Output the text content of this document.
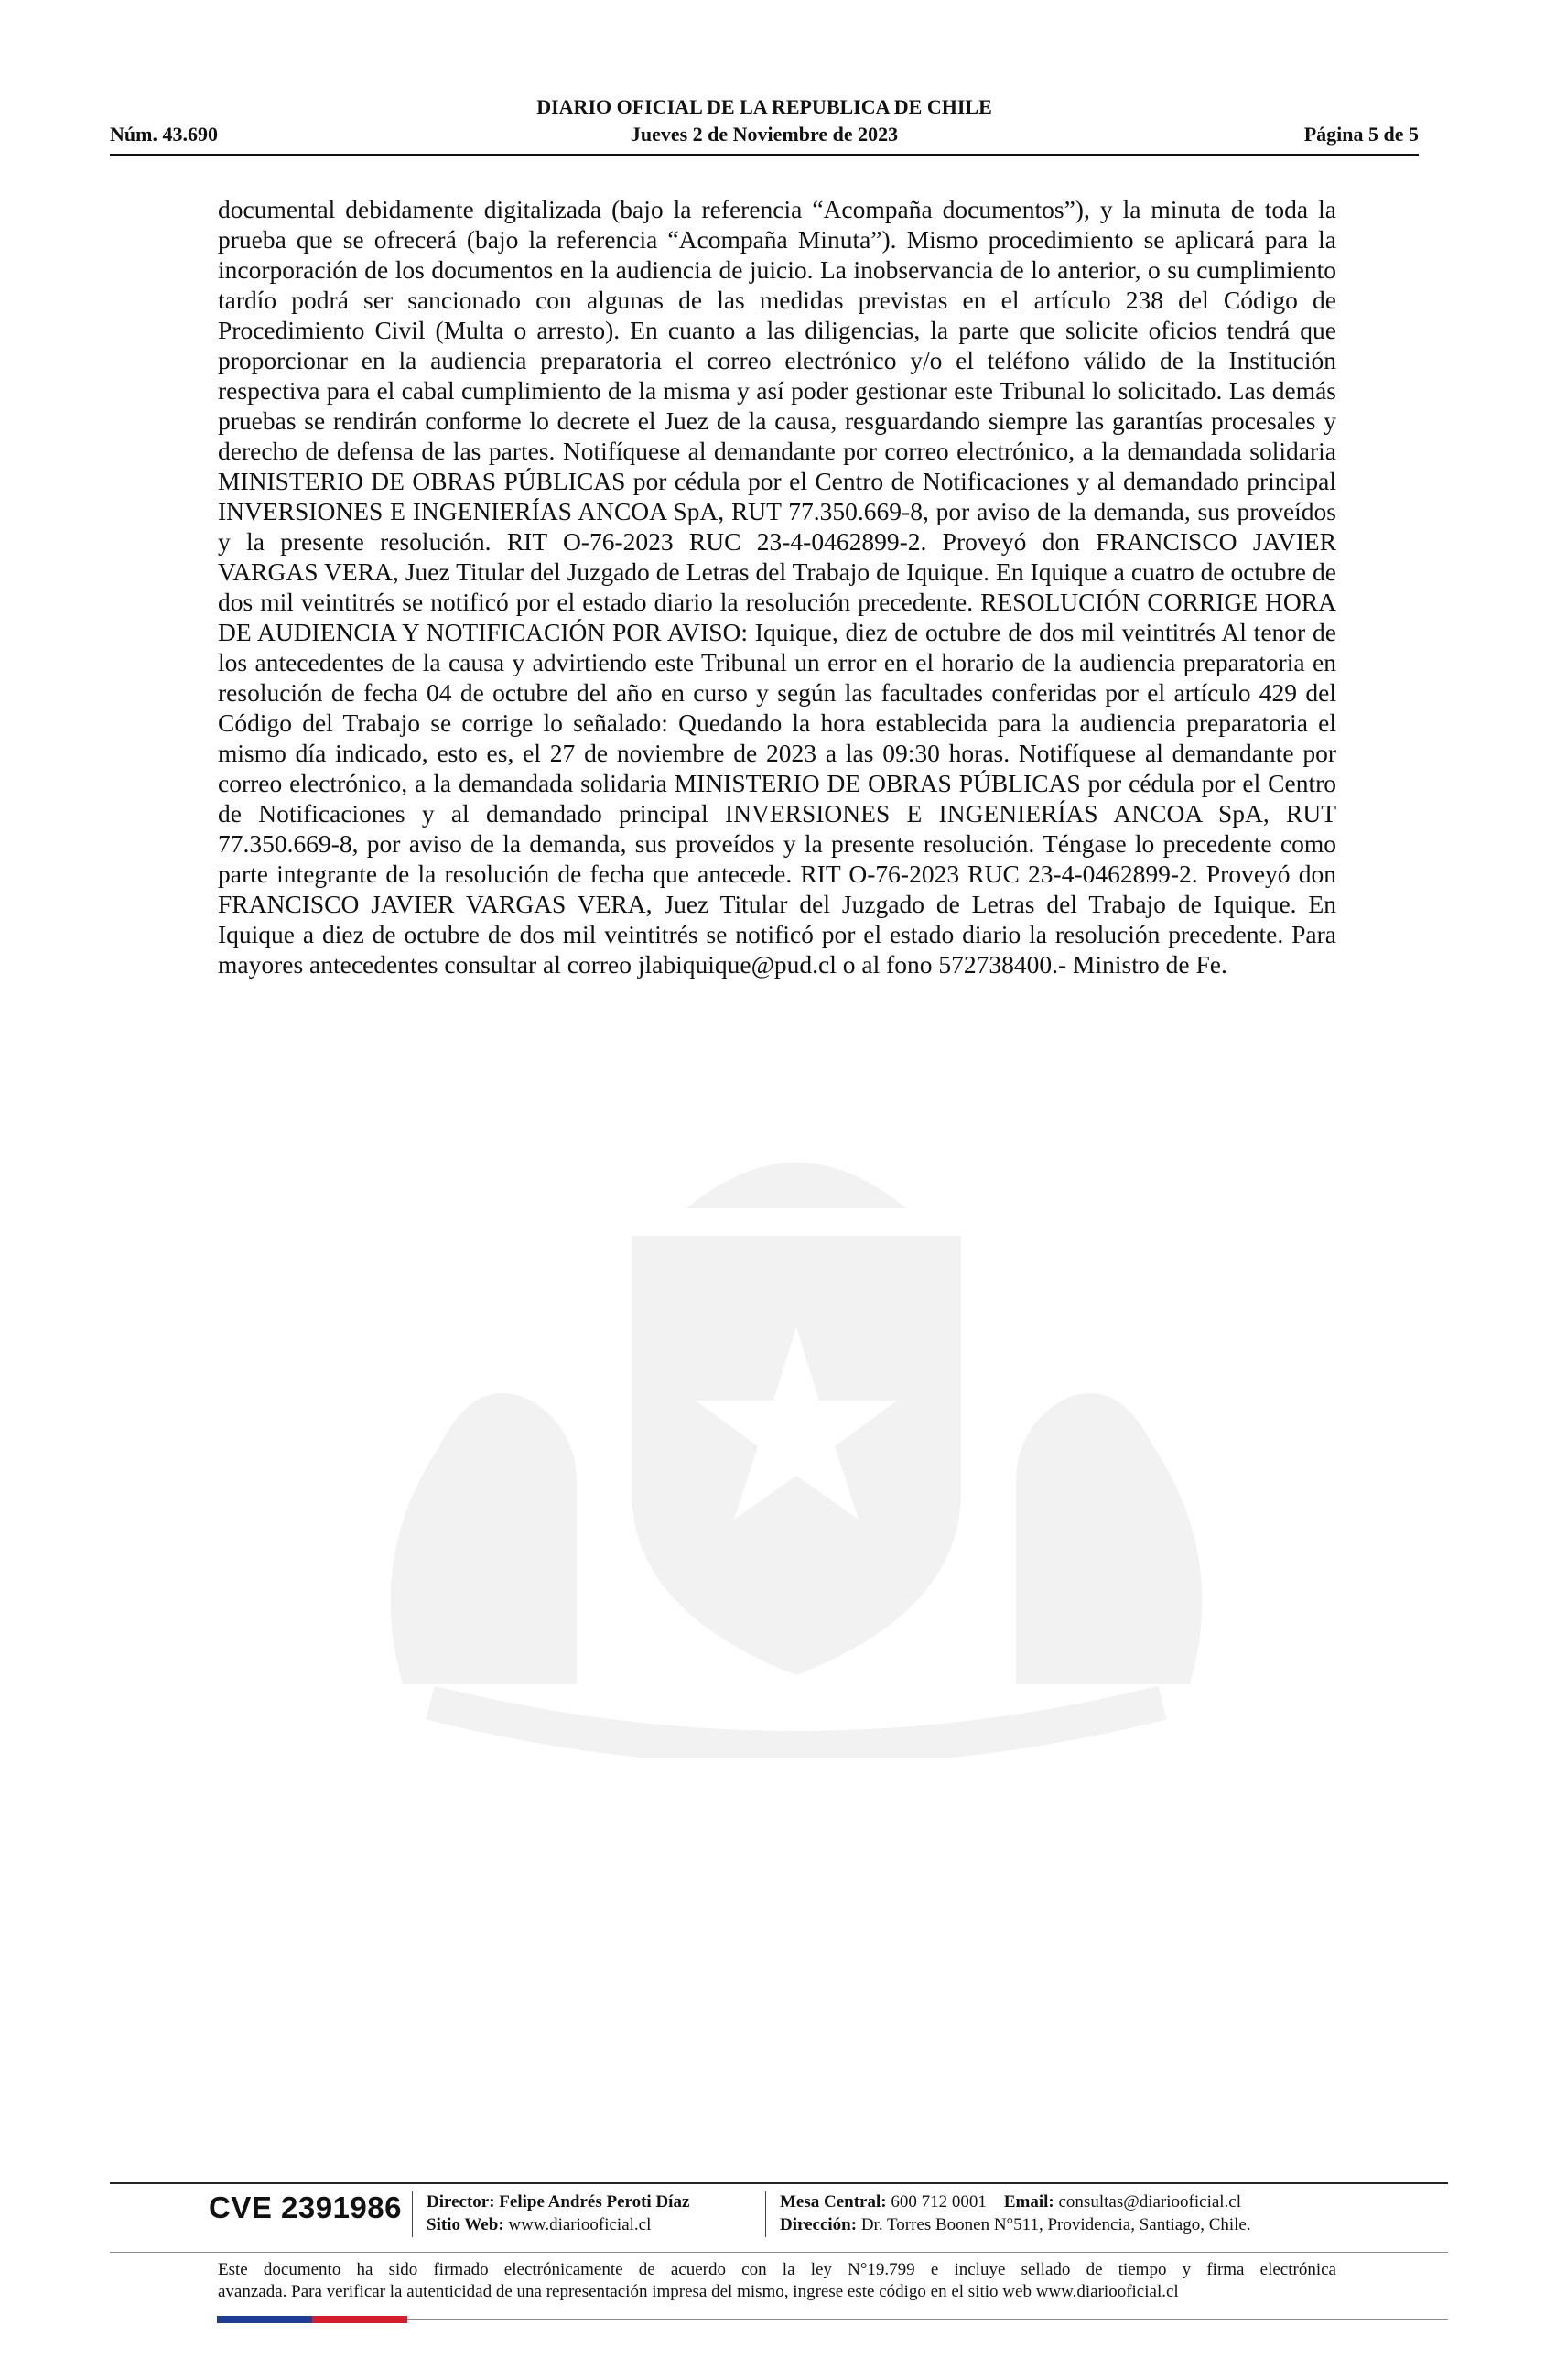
DIARIO OFICIAL DE LA REPUBLICA DE CHILE
Núm. 43.690	Jueves 2 de Noviembre de 2023	Página 5 de 5
documental debidamente digitalizada (bajo la referencia “Acompaña documentos”), y la minuta de toda la prueba que se ofrecerá (bajo la referencia “Acompaña Minuta”). Mismo procedimiento se aplicará para la incorporación de los documentos en la audiencia de juicio. La inobservancia de lo anterior, o su cumplimiento tardío podrá ser sancionado con algunas de las medidas previstas en el artículo 238 del Código de Procedimiento Civil (Multa o arresto). En cuanto a las diligencias, la parte que solicite oficios tendrá que proporcionar en la audiencia preparatoria el correo electrónico y/o el teléfono válido de la Institución respectiva para el cabal cumplimiento de la misma y así poder gestionar este Tribunal lo solicitado. Las demás pruebas se rendirán conforme lo decrete el Juez de la causa, resguardando siempre las garantías procesales y derecho de defensa de las partes. Notifíquese al demandante por correo electrónico, a la demandada solidaria MINISTERIO DE OBRAS PÚBLICAS por cédula por el Centro de Notificaciones y al demandado principal INVERSIONES E INGENIERÍAS ANCOA SpA, RUT 77.350.669-8, por aviso de la demanda, sus proveídos y la presente resolución. RIT O-76-2023 RUC 23-4-0462899-2. Proveyó don FRANCISCO JAVIER VARGAS VERA, Juez Titular del Juzgado de Letras del Trabajo de Iquique. En Iquique a cuatro de octubre de dos mil veintitrés se notificó por el estado diario la resolución precedente. RESOLUCIÓN CORRIGE HORA DE AUDIENCIA Y NOTIFICACIÓN POR AVISO: Iquique, diez de octubre de dos mil veintitrés Al tenor de los antecedentes de la causa y advirtiendo este Tribunal un error en el horario de la audiencia preparatoria en resolución de fecha 04 de octubre del año en curso y según las facultades conferidas por el artículo 429 del Código del Trabajo se corrige lo señalado: Quedando la hora establecida para la audiencia preparatoria el mismo día indicado, esto es, el 27 de noviembre de 2023 a las 09:30 horas. Notifíquese al demandante por correo electrónico, a la demandada solidaria MINISTERIO DE OBRAS PÚBLICAS por cédula por el Centro de Notificaciones y al demandado principal INVERSIONES E INGENIERÍAS ANCOA SpA, RUT 77.350.669-8, por aviso de la demanda, sus proveídos y la presente resolución. Téngase lo precedente como parte integrante de la resolución de fecha que antecede. RIT O-76-2023 RUC 23-4-0462899-2. Proveyó don FRANCISCO JAVIER VARGAS VERA, Juez Titular del Juzgado de Letras del Trabajo de Iquique. En Iquique a diez de octubre de dos mil veintitrés se notificó por el estado diario la resolución precedente. Para mayores antecedentes consultar al correo jlabiquique@pud.cl o al fono 572738400.- Ministro de Fe.
CVE 2391986 Director: Felipe Andrés Peroti Díaz
Sitio Web: www.diariooficial.cl
Mesa Central: 600 712 0001 Email: consultas@diariooficial.cl
Dirección: Dr. Torres Boonen N°511, Providencia, Santiago, Chile.
Este documento ha sido firmado electrónicamente de acuerdo con la ley N°19.799 e incluye sellado de tiempo y firma electrónica
avanzada. Para verificar la autenticidad de una representación impresa del mismo, ingrese este código en el sitio web www.diariooficial.cl
